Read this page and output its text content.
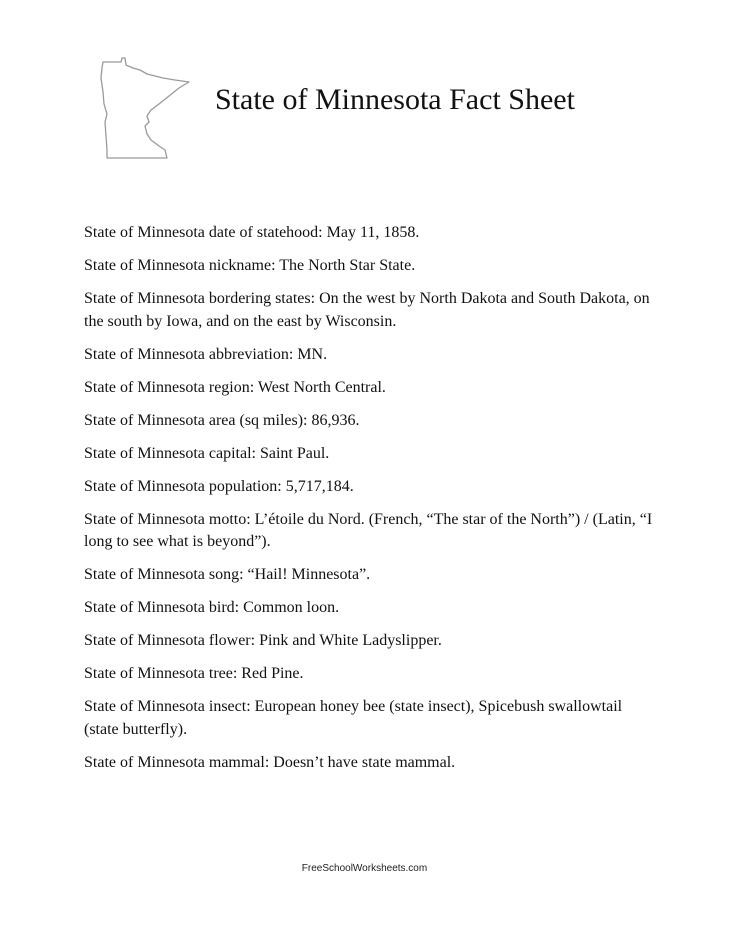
State of Minnesota Fact Sheet
State of Minnesota date of statehood: May 11, 1858.
State of Minnesota nickname: The North Star State.
State of Minnesota bordering states: On the west by North Dakota and South Dakota, on the south by Iowa, and on the east by Wisconsin.
State of Minnesota abbreviation: MN.
State of Minnesota region: West North Central.
State of Minnesota area (sq miles): 86,936.
State of Minnesota capital: Saint Paul.
State of Minnesota population: 5,717,184.
State of Minnesota motto: L’étoile du Nord. (French, “The star of the North”) / (Latin, “I long to see what is beyond”).
State of Minnesota song: “Hail! Minnesota”.
State of Minnesota bird: Common loon.
State of Minnesota flower: Pink and White Ladyslipper.
State of Minnesota tree: Red Pine.
State of Minnesota insect: European honey bee (state insect), Spicebush swallowtail (state butterfly).
State of Minnesota mammal: Doesn’t have state mammal.
FreeSchoolWorksheets.com
